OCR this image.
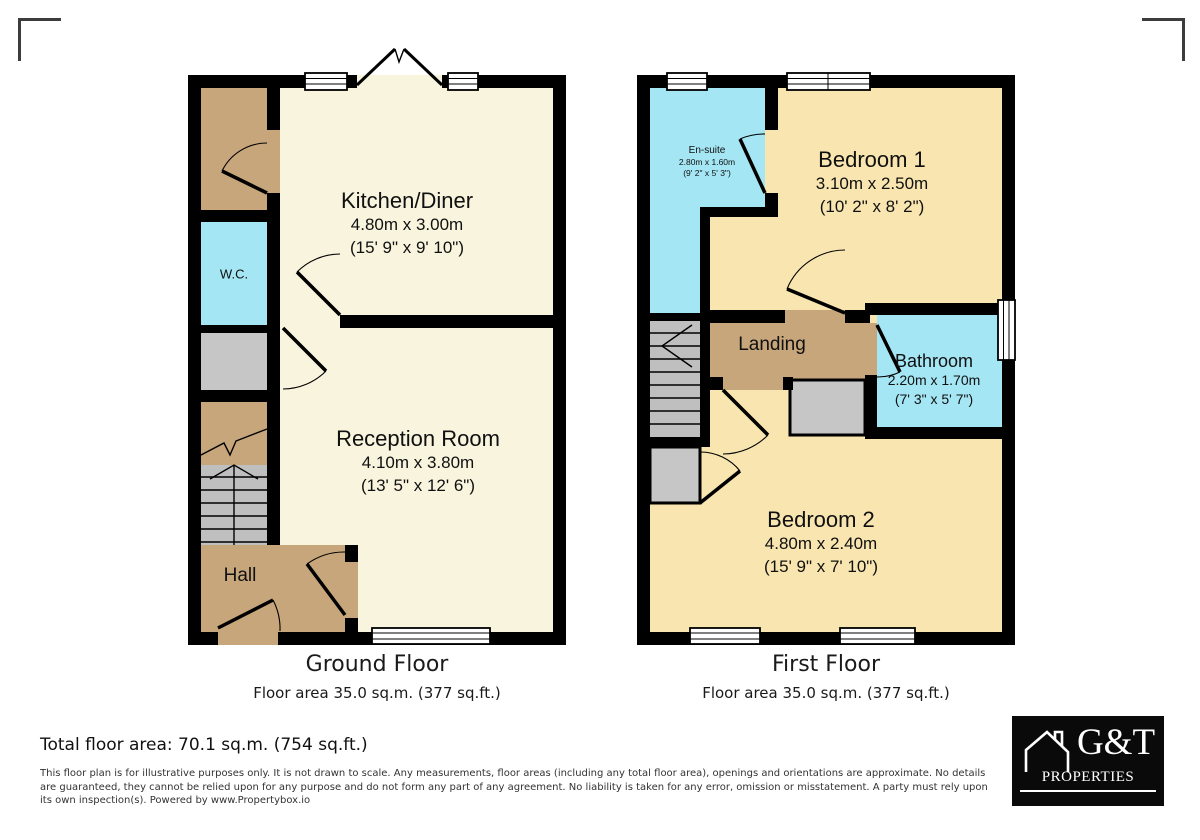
Kitchen/Diner
4.80m x 3.00m
(15' 9" x 9' 10")
Reception Room
4.10m x 3.80m
(13' 5" x 12' 6")
W.C.
Hall
En-suite
2.80m x 1.60m
(9' 2" x 5' 3")
Bedroom 1
3.10m x 2.50m
(10' 2" x 8' 2")
Landing
Bathroom
2.20m x 1.70m
(7' 3" x 5' 7")
Bedroom 2
4.80m x 2.40m
(15' 9" x 7' 10")
Ground Floor
Floor area 35.0 sq.m. (377 sq.ft.)
First Floor
Floor area 35.0 sq.m. (377 sq.ft.)
Total floor area: 70.1 sq.m. (754 sq.ft.)
This floor plan is for illustrative purposes only. It is not drawn to scale. Any measurements, floor areas (including any total floor area), openings and orientations are approximate. No details are guaranteed, they cannot be relied upon for any purpose and do not form any part of any agreement. No liability is taken for any error, omission or misstatement. A party must rely upon its own inspection(s). Powered by www.Propertybox.io
G&T
PROPERTIES
